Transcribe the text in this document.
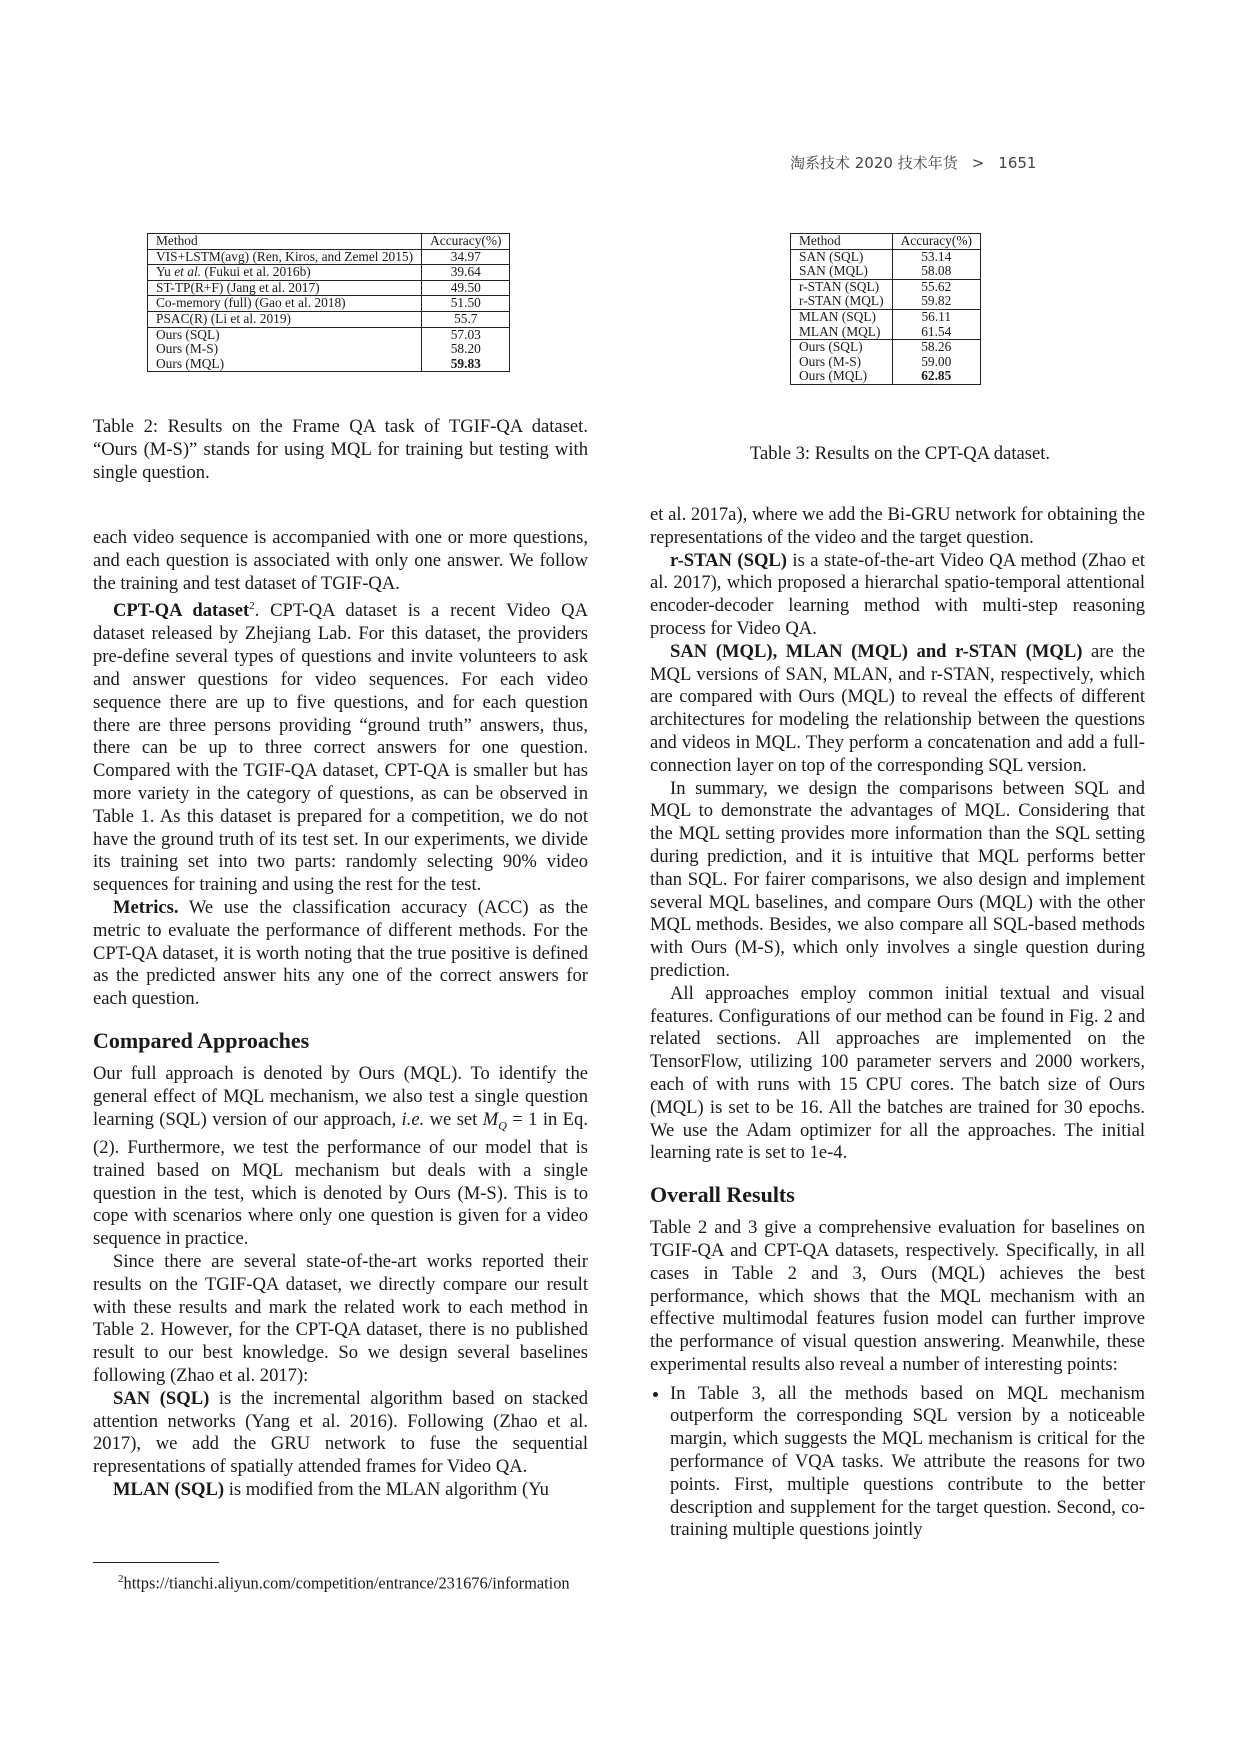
淘系技术 2020 技术年货 > 1651
Method	Accuracy(%)
VIS+LSTM(avg) (Ren, Kiros, and Zemel 2015)	34.97
Yu et al. (Fukui et al. 2016b)	39.64
ST-TP(R+F) (Jang et al. 2017)	49.50
Co-memory (full) (Gao et al. 2018)	51.50
PSAC(R) (Li et al. 2019)	55.7
Ours (SQL)	57.03
Ours (M-S)	58.20
Ours (MQL)	59.83
Table 2: Results on the Frame QA task of TGIF-QA dataset. “Ours (M-S)” stands for using MQL for training but testing with single question.
Method	Accuracy(%)
SAN (SQL)	53.14
SAN (MQL)	58.08
r-STAN (SQL)	55.62
r-STAN (MQL)	59.82
MLAN (SQL)	56.11
MLAN (MQL)	61.54
Ours (SQL)	58.26
Ours (M-S)	59.00
Ours (MQL)	62.85
Table 3: Results on the CPT-QA dataset.

each video sequence is accompanied with one or more questions, and each question is associated with only one answer. We follow the training and test dataset of TGIF-QA.

CPT-QA dataset$^2$. CPT-QA dataset is a recent Video QA dataset released by Zhejiang Lab. For this dataset, the providers pre-define several types of questions and invite volunteers to ask and answer questions for video sequences. For each video sequence there are up to five questions, and for each question there are three persons providing “ground truth” answers, thus, there can be up to three correct answers for one question. Compared with the TGIF-QA dataset, CPT-QA is smaller but has more variety in the category of questions, as can be observed in Table 1. As this dataset is prepared for a competition, we do not have the ground truth of its test set. In our experiments, we divide its training set into two parts: randomly selecting 90% video sequences for training and using the rest for the test.

Metrics. We use the classification accuracy (ACC) as the metric to evaluate the performance of different methods. For the CPT-QA dataset, it is worth noting that the true positive is defined as the predicted answer hits any one of the correct answers for each question.

Compared Approaches

Our full approach is denoted by Ours (MQL). To identify the general effect of MQL mechanism, we also test a single question learning (SQL) version of our approach, i.e. we set $M_Q = 1$ in Eq. (2). Furthermore, we test the performance of our model that is trained based on MQL mechanism but deals with a single question in the test, which is denoted by Ours (M-S). This is to cope with scenarios where only one question is given for a video sequence in practice.

Since there are several state-of-the-art works reported their results on the TGIF-QA dataset, we directly compare our result with these results and mark the related work to each method in Table 2. However, for the CPT-QA dataset, there is no published result to our best knowledge. So we design several baselines following (Zhao et al. 2017):

SAN (SQL) is the incremental algorithm based on stacked attention networks (Yang et al. 2016). Following (Zhao et al. 2017), we add the GRU network to fuse the sequential representations of spatially attended frames for Video QA.

MLAN (SQL) is modified from the MLAN algorithm (Yu

$^2$https://tianchi.aliyun.com/competition/entrance/231676/information

et al. 2017a), where we add the Bi-GRU network for obtaining the representations of the video and the target question.

r-STAN (SQL) is a state-of-the-art Video QA method (Zhao et al. 2017), which proposed a hierarchal spatio-temporal attentional encoder-decoder learning method with multi-step reasoning process for Video QA.

SAN (MQL), MLAN (MQL) and r-STAN (MQL) are the MQL versions of SAN, MLAN, and r-STAN, respectively, which are compared with Ours (MQL) to reveal the effects of different architectures for modeling the relationship between the questions and videos in MQL. They perform a concatenation and add a full-connection layer on top of the corresponding SQL version.

In summary, we design the comparisons between SQL and MQL to demonstrate the advantages of MQL. Considering that the MQL setting provides more information than the SQL setting during prediction, and it is intuitive that MQL performs better than SQL. For fairer comparisons, we also design and implement several MQL baselines, and compare Ours (MQL) with the other MQL methods. Besides, we also compare all SQL-based methods with Ours (M-S), which only involves a single question during prediction.

All approaches employ common initial textual and visual features. Configurations of our method can be found in Fig. 2 and related sections. All approaches are implemented on the TensorFlow, utilizing 100 parameter servers and 2000 workers, each of with runs with 15 CPU cores. The batch size of Ours (MQL) is set to be 16. All the batches are trained for 30 epochs. We use the Adam optimizer for all the approaches. The initial learning rate is set to 1e-4.

Overall Results

Table 2 and 3 give a comprehensive evaluation for baselines on TGIF-QA and CPT-QA datasets, respectively. Specifically, in all cases in Table 2 and 3, Ours (MQL) achieves the best performance, which shows that the MQL mechanism with an effective multimodal features fusion model can further improve the performance of visual question answering. Meanwhile, these experimental results also reveal a number of interesting points:

• In Table 3, all the methods based on MQL mechanism outperform the corresponding SQL version by a noticeable margin, which suggests the MQL mechanism is critical for the performance of VQA tasks. We attribute the reasons for two points. First, multiple questions contribute to the better description and supplement for the target question. Second, co-training multiple questions jointly
